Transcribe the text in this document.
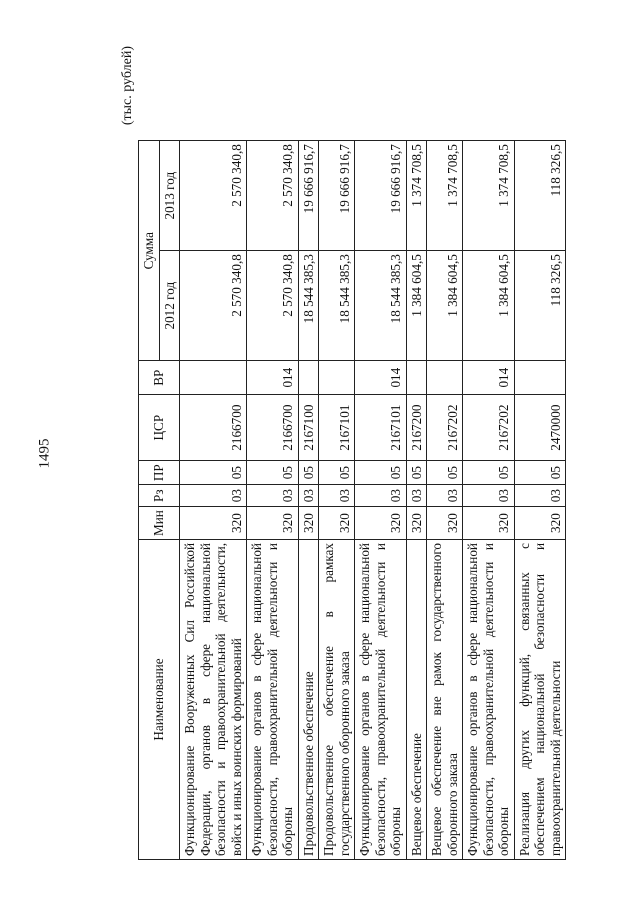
1495
(тыс. рублей)
Наименование	Мин	Рз	ПР	ЦСР	ВР	Сумма	
						2012 год	2013 год
Функционирование Вооруженных Сил Российской Федерации, органов в сфере национальной безопасности и правоохранительной деятельности, войск и иных воинских формирований	320	03	05	2166700		2 570 340,8	2 570 340,8
Функционирование органов в сфере национальной безопасности, правоохранительной деятельности и обороны	320	03	05	2166700	014	2 570 340,8	2 570 340,8
Продовольственное обеспечение	320	03	05	2167100		18 544 385,3	19 666 916,7
Продовольственное обеспечение в рамках государственного оборонного заказа	320	03	05	2167101		18 544 385,3	19 666 916,7
Функционирование органов в сфере национальной безопасности, правоохранительной деятельности и обороны	320	03	05	2167101	014	18 544 385,3	19 666 916,7
Вещевое обеспечение	320	03	05	2167200		1 384 604,5	1 374 708,5
Вещевое обеспечение вне рамок государственного оборонного заказа	320	03	05	2167202		1 384 604,5	1 374 708,5
Функционирование органов в сфере национальной безопасности, правоохранительной деятельности и обороны	320	03	05	2167202	014	1 384 604,5	1 374 708,5
Реализация других функций, связанных с обеспечением национальной безопасности и правоохранительной деятельности	320	03	05	2470000		118 326,5	118 326,5
